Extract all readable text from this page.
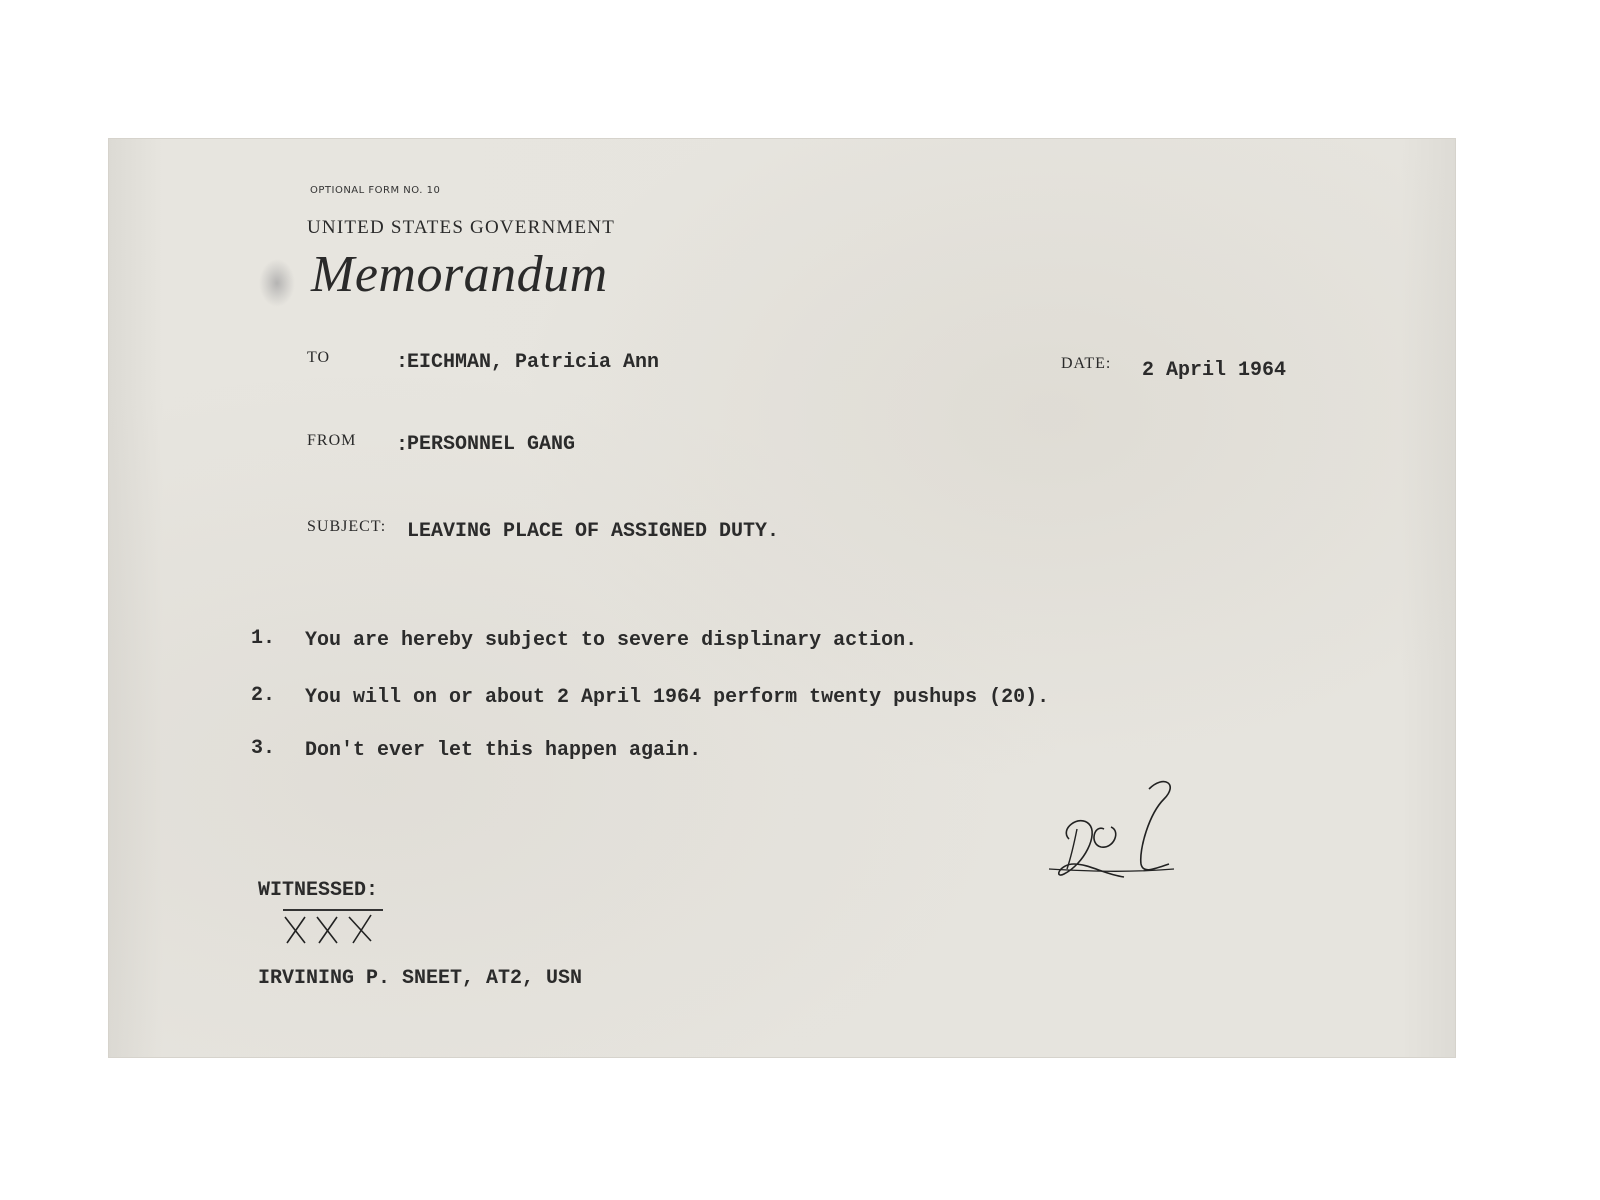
OPTIONAL FORM NO. 10
UNITED STATES GOVERNMENT
Memorandum
TO	:
EICHMAN, Patricia Ann	DATE: 2 April 1964
FROM :
PERSONNEL GANG
SUBJECT: LEAVING PLACE OF ASSIGNED DUTY.
1. You are hereby subject to severe displinary action.
2. You will on or about 2 April 1964 perform twenty pushups (20).
3. Don't ever let this happen again.
WITNESSED:
IRVINING P. SNEET, AT2, USN
